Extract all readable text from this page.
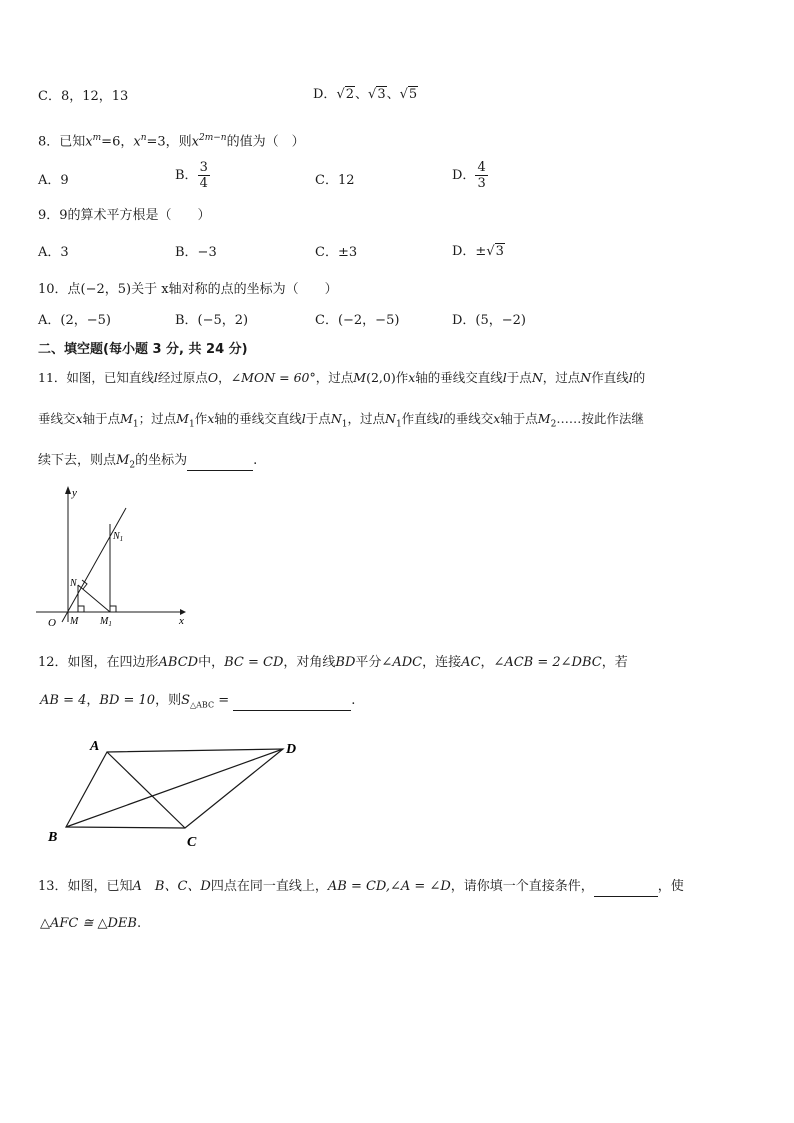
C．8，12，13	D．√2、√3、√5
8．已知$x^m=6$，$x^n=3$，则$x^{2m-n}$的值为（　）
A．9	B． $\frac{3}{4}$	C．12	D． $\frac{4}{3}$
9．9的算术平方根是（　　）
A．3	B．−3	C．±3	D．±√3
10．点(−2，5)关于 x轴对称的点的坐标为（　　）
A．(2，−5)	B．(−5，2)	C．(−2，−5)	D．(5，−2)
二、填空题(每小题 3 分, 共 24 分)
11．如图，已知直线l经过原点O，∠MON = 60°，过点M(2,0)作x轴的垂线交直线l于点N，过点N作直线l的
垂线交x轴于点$M_1$；过点$M_1$作x轴的垂线交直线l于点$N_1$，过点$N_1$作直线l的垂线交x轴于点$M_2\dots\dots$按此作法继
续下去，则点$M_2$的坐标为	.
y
x
O M
N
$M_1$
$N_1$
12．如图，在四边形ABCD中，BC = CD，对角线BD平分∠ADC，连接AC，∠ACB = 2∠DBC，若
AB = 4，BD = 10，则$S_{\triangle ABC}$ =	.
A
B	C
D
13．如图，已知A　B、C、D四点在同一直线上，AB = CD,∠A = ∠D，请你填一个直接条件，	，使
△AFC ≅ △DEB.
